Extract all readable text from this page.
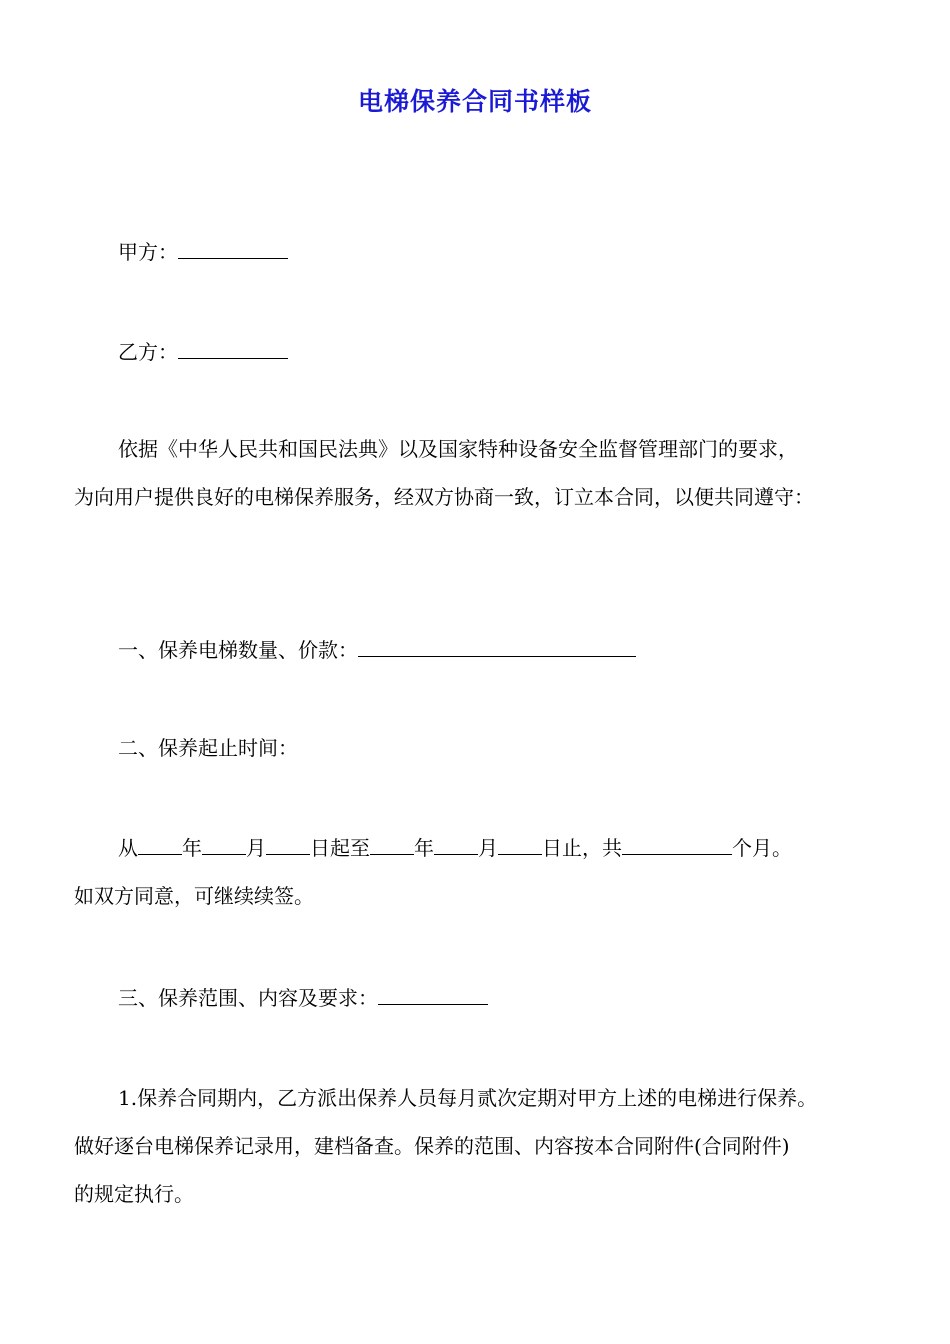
电梯保养合同书样板
甲方：
乙方：
依据《中华人民共和国民法典》以及国家特种设备安全监督管理部门的要求，
为向用户提供良好的电梯保养服务，经双方协商一致，订立本合同，以便共同遵守：
一、保养电梯数量、价款：
二、保养起止时间：
从 年 月 日起至 年 月 日止，共	个月。
如双方同意，可继续续签。
三、保养范围、内容及要求：
1.保养合同期内，乙方派出保养人员每月贰次定期对甲方上述的电梯进行保养。
做好逐台电梯保养记录用，建档备查。保养的范围、内容按本合同附件(合同附件)
的规定执行。
